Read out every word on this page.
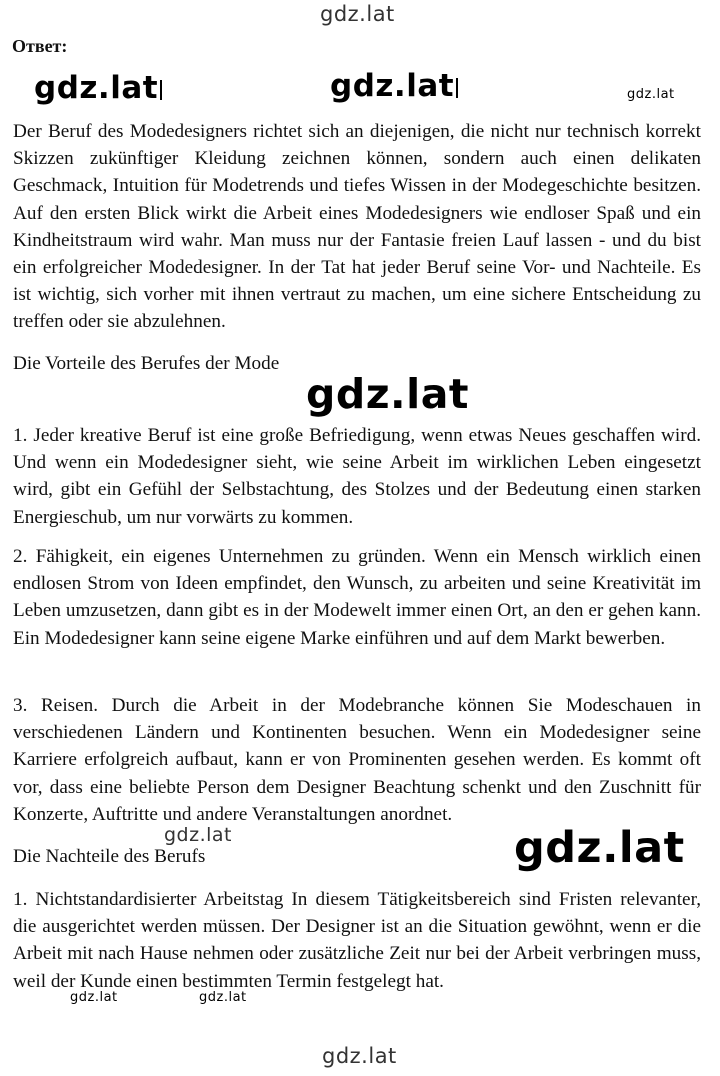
gdz.lat
Ответ:
gdz.lat	gdz.lat	gdz.lat

Der Beruf des Modedesigners richtet sich an diejenigen, die nicht nur technisch korrekt Skizzen zukünftiger Kleidung zeichnen können, sondern auch einen delikaten Geschmack, Intuition für Modetrends und tiefes Wissen in der Modegeschichte besitzen. Auf den ersten Blick wirkt die Arbeit eines Modedesigners wie endloser Spaß und ein Kindheitstraum wird wahr. Man muss nur der Fantasie freien Lauf lassen - und du bist ein erfolgreicher Modedesigner. In der Tat hat jeder Beruf seine Vor- und Nachteile. Es ist wichtig, sich vorher mit ihnen vertraut zu machen, um eine sichere Entscheidung zu treffen oder sie abzulehnen.

Die Vorteile des Berufes der Mode

gdz.lat

1. Jeder kreative Beruf ist eine große Befriedigung, wenn etwas Neues geschaffen wird. Und wenn ein Modedesigner sieht, wie seine Arbeit im wirklichen Leben eingesetzt wird, gibt ein Gefühl der Selbstachtung, des Stolzes und der Bedeutung einen starken Energieschub, um nur vorwärts zu kommen.

2. Fähigkeit, ein eigenes Unternehmen zu gründen. Wenn ein Mensch wirklich einen endlosen Strom von Ideen empfindet, den Wunsch, zu arbeiten und seine Kreativität im Leben umzusetzen, dann gibt es in der Modewelt immer einen Ort, an den er gehen kann. Ein Modedesigner kann seine eigene Marke einführen und auf dem Markt bewerben.

3. Reisen. Durch die Arbeit in der Modebranche können Sie Modeschauen in verschiedenen Ländern und Kontinenten besuchen. Wenn ein Modedesigner seine Karriere erfolgreich aufbaut, kann er von Prominenten gesehen werden. Es kommt oft vor, dass eine beliebte Person dem Designer Beachtung schenkt und den Zuschnitt für Konzerte, Auftritte und andere Veranstaltungen anordnet.

gdz.lat	gdz.lat

Die Nachteile des Berufs

1. Nichtstandardisierter Arbeitstag In diesem Tätigkeitsbereich sind Fristen relevanter, die ausgerichtet werden müssen. Der Designer ist an die Situation gewöhnt, wenn er die Arbeit mit nach Hause nehmen oder zusätzliche Zeit nur bei der Arbeit verbringen muss, weil der Kunde einen bestimmten Termin festgelegt hat.

gdz.lat	gdz.lat
gdz.lat
